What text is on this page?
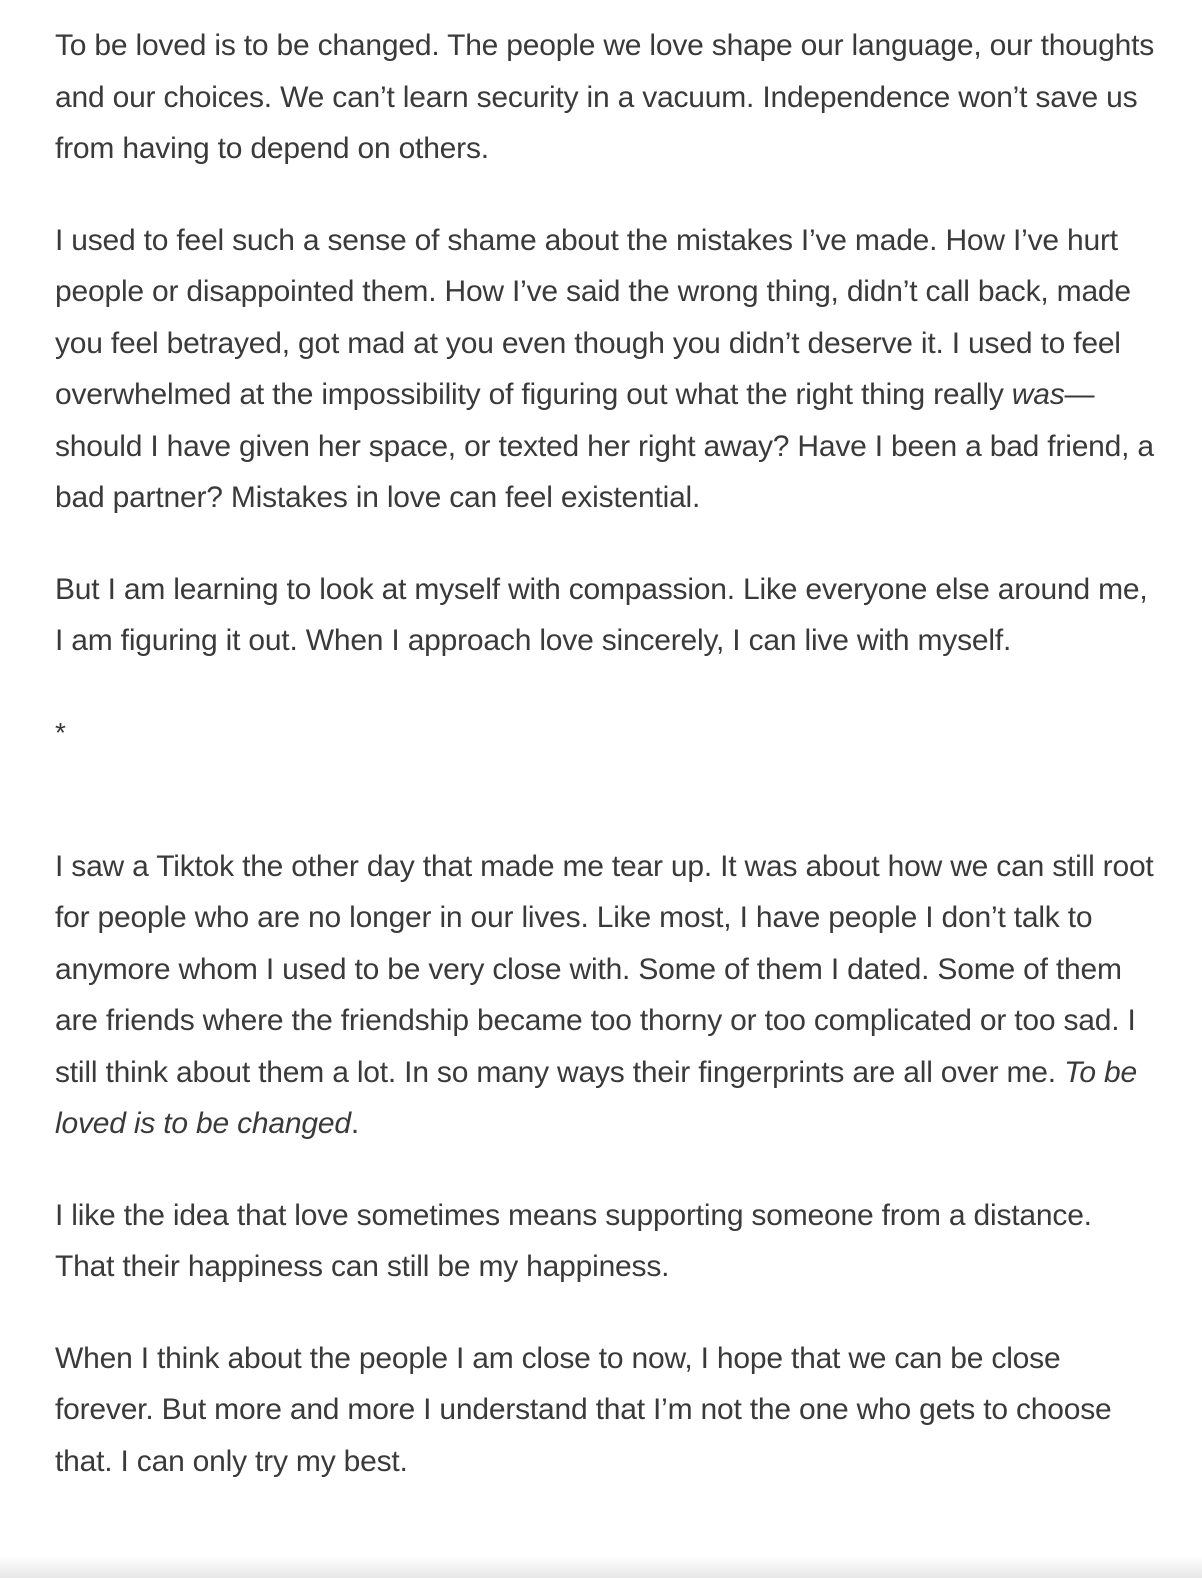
To be loved is to be changed. The people we love shape our language, our thoughts and our choices. We can’t learn security in a vacuum. Independence won’t save us from having to depend on others.

I used to feel such a sense of shame about the mistakes I’ve made. How I’ve hurt people or disappointed them. How I’ve said the wrong thing, didn’t call back, made you feel betrayed, got mad at you even though you didn’t deserve it. I used to feel overwhelmed at the impossibility of figuring out what the right thing really was—should I have given her space, or texted her right away? Have I been a bad friend, a bad partner? Mistakes in love can feel existential.

But I am learning to look at myself with compassion. Like everyone else around me, I am figuring it out. When I approach love sincerely, I can live with myself.

*

I saw a Tiktok the other day that made me tear up. It was about how we can still root for people who are no longer in our lives. Like most, I have people I don’t talk to anymore whom I used to be very close with. Some of them I dated. Some of them are friends where the friendship became too thorny or too complicated or too sad. I still think about them a lot. In so many ways their fingerprints are all over me. To be loved is to be changed.

I like the idea that love sometimes means supporting someone from a distance. That their happiness can still be my happiness.

When I think about the people I am close to now, I hope that we can be close forever. But more and more I understand that I’m not the one who gets to choose that. I can only try my best.
